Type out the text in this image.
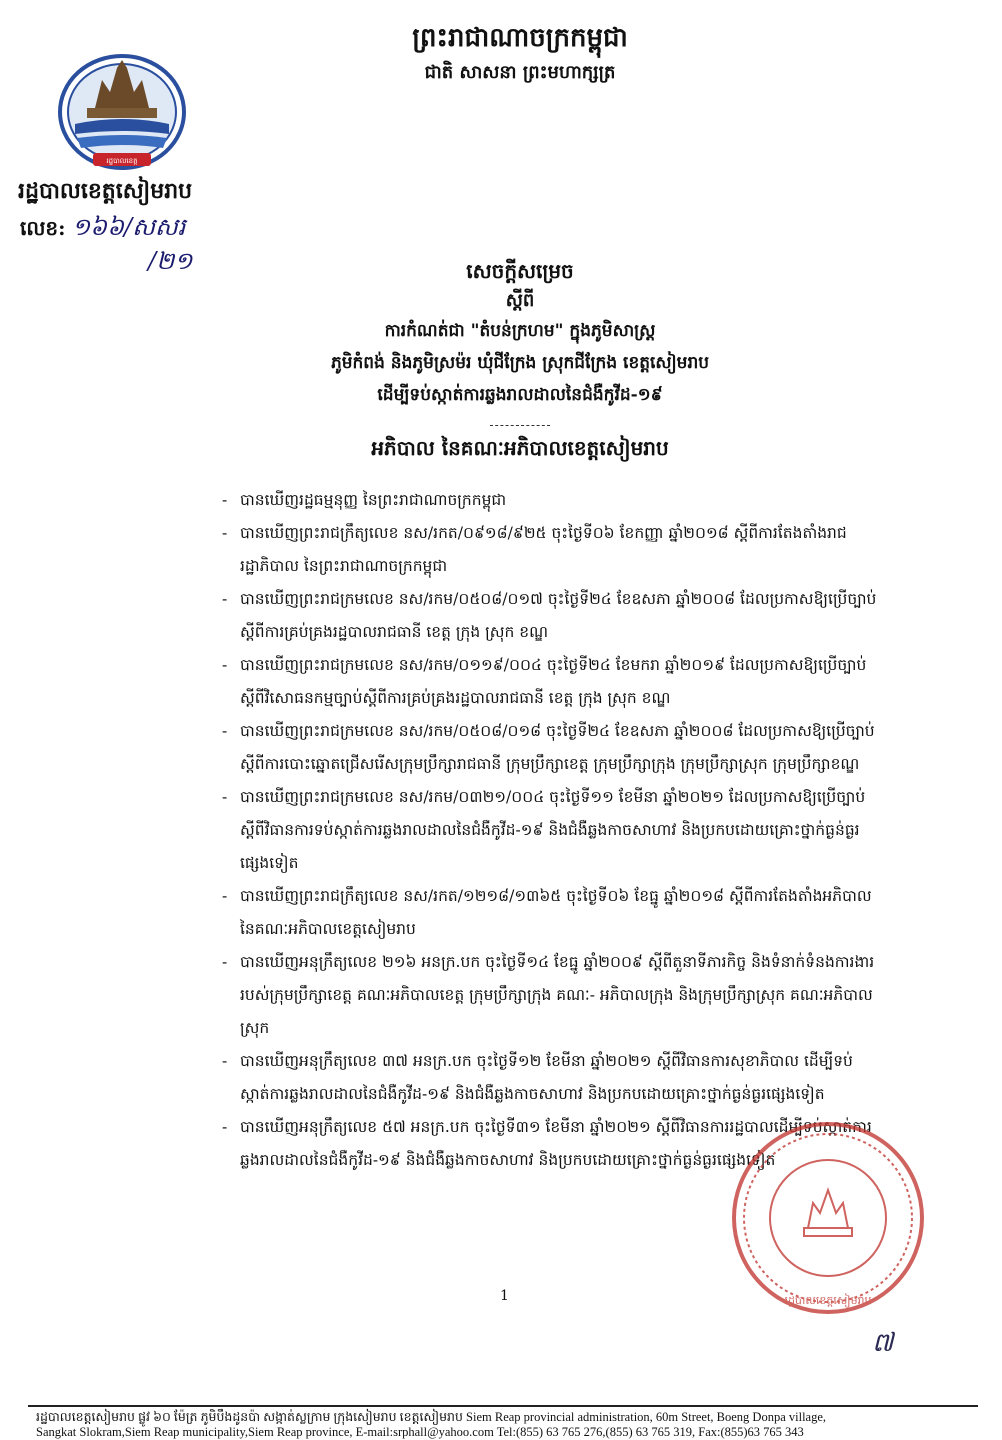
ព្រះរាជាណាចក្រកម្ពុជា
ជាតិ សាសនា ព្រះមហាក្សត្រ
រដ្ឋបាលខេត្ត
រដ្ឋបាលខេត្តសៀមរាប
លេខ: ១៦៦/សសរ
/២១	សេចក្ដីសម្រេច
ស្ដីពី
ការកំណត់ជា "តំបន់ក្រហម" ក្នុងភូមិសាស្ត្រ
ភូមិកំពង់ និងភូមិស្រម៉រ ឃុំជីក្រែង ស្រុកជីក្រែង ខេត្តសៀមរាប
ដើម្បីទប់ស្កាត់ការឆ្លងរាលដាលនៃជំងឺកូវីដ-១៩
អភិបាល នៃគណៈអភិបាលខេត្តសៀមរាប
- បានឃើញរដ្ឋធម្មនុញ្ញ នៃព្រះរាជាណាចក្រកម្ពុជា
- បានឃើញព្រះរាជក្រឹត្យលេខ នស/រកត/០៩១៨/៩២៥ ចុះថ្ងៃទី០៦ ខែកញ្ញា ឆ្នាំ២០១៨ ស្ដីពីការតែងតាំងរាជរដ្ឋាភិបាល នៃព្រះរាជាណាចក្រកម្ពុជា
- បានឃើញព្រះរាជក្រមលេខ នស/រកម/០៥០៨/០១៧ ចុះថ្ងៃទី២៤ ខែឧសភា ឆ្នាំ២០០៨ ដែលប្រកាសឱ្យប្រើច្បាប់ស្ដីពីការគ្រប់គ្រងរដ្ឋបាលរាជធានី ខេត្ត ក្រុង ស្រុក ខណ្ឌ
- បានឃើញព្រះរាជក្រមលេខ នស/រកម/០១១៩/០០៤ ចុះថ្ងៃទី២៤ ខែមករា ឆ្នាំ២០១៩ ដែលប្រកាសឱ្យប្រើច្បាប់ស្ដីពីវិសោធនកម្មច្បាប់ស្ដីពីការគ្រប់គ្រងរដ្ឋបាលរាជធានី ខេត្ត ក្រុង ស្រុក ខណ្ឌ
- បានឃើញព្រះរាជក្រមលេខ នស/រកម/០៥០៨/០១៨ ចុះថ្ងៃទី២៤ ខែឧសភា ឆ្នាំ២០០៨ ដែលប្រកាសឱ្យប្រើច្បាប់ស្ដីពីការបោះឆ្នោតជ្រើសរើសក្រុមប្រឹក្សារាជធានី ក្រុមប្រឹក្សាខេត្ត ក្រុមប្រឹក្សាក្រុង ក្រុមប្រឹក្សាស្រុក ក្រុមប្រឹក្សាខណ្ឌ
- បានឃើញព្រះរាជក្រមលេខ នស/រកម/០៣២១/០០៤ ចុះថ្ងៃទី១១ ខែមីនា ឆ្នាំ២០២១ ដែលប្រកាសឱ្យប្រើច្បាប់ស្ដីពីវិធានការទប់ស្កាត់ការឆ្លងរាលដាលនៃជំងឺកូវីដ-១៩ និងជំងឺឆ្លងកាចសាហាវ និងប្រកបដោយគ្រោះថ្នាក់ធ្ងន់ធ្ងរផ្សេងទៀត
- បានឃើញព្រះរាជក្រឹត្យលេខ នស/រកត/១២១៨/១៣៦៥ ចុះថ្ងៃទី០៦ ខែធ្នូ ឆ្នាំ២០១៨ ស្ដីពីការតែងតាំងអភិបាល នៃគណៈអភិបាលខេត្តសៀមរាប
- បានឃើញអនុក្រឹត្យលេខ ២១៦ អនក្រ.បក ចុះថ្ងៃទី១៤ ខែធ្នូ ឆ្នាំ២០០៩ ស្ដីពីតួនាទីភារកិច្ច និងទំនាក់ទំនងការងាររបស់ក្រុមប្រឹក្សាខេត្ត គណៈអភិបាលខេត្ត ក្រុមប្រឹក្សាក្រុង គណៈ- អភិបាលក្រុង និងក្រុមប្រឹក្សាស្រុក គណៈអភិបាលស្រុក
- បានឃើញអនុក្រឹត្យលេខ ៣៧ អនក្រ.បក ចុះថ្ងៃទី១២ ខែមីនា ឆ្នាំ២០២១ ស្ដីពីវិធានការសុខាភិបាល ដើម្បីទប់ស្កាត់ការឆ្លងរាលដាលនៃជំងឺកូវីដ-១៩ និងជំងឺឆ្លងកាចសាហាវ និងប្រកបដោយគ្រោះថ្នាក់ធ្ងន់ធ្ងរផ្សេងទៀត
- បានឃើញអនុក្រឹត្យលេខ ៥៧ អនក្រ.បក ចុះថ្ងៃទី៣១ ខែមីនា ឆ្នាំ២០២១ ស្ដីពីវិធានការរដ្ឋបាលដើម្បីទប់ស្កាត់ការឆ្លងរាលដាលនៃជំងឺកូវីដ-១៩ និងជំងឺឆ្លងកាចសាហាវ និងប្រកបដោយគ្រោះថ្នាក់ធ្ងន់ធ្ងរផ្សេងទៀត
1	រដ្ឋបាលខេត្តសៀមរាប
៧
រដ្ឋបាលខេត្តសៀមរាប ផ្លូវ ៦០ ម៉ែត្រ ភូមិបឹងដូនប៉ា សង្កាត់ស្លក្រាម ក្រុងសៀមរាប ខេត្តសៀមរាប Siem Reap provincial administration, 60m Street, Boeng Donpa village,
Sangkat Slokram,Siem Reap municipality,Siem Reap province, E-mail:srphall@yahoo.com Tel:(855) 63 765 276,(855) 63 765 319, Fax:(855)63 765 343
